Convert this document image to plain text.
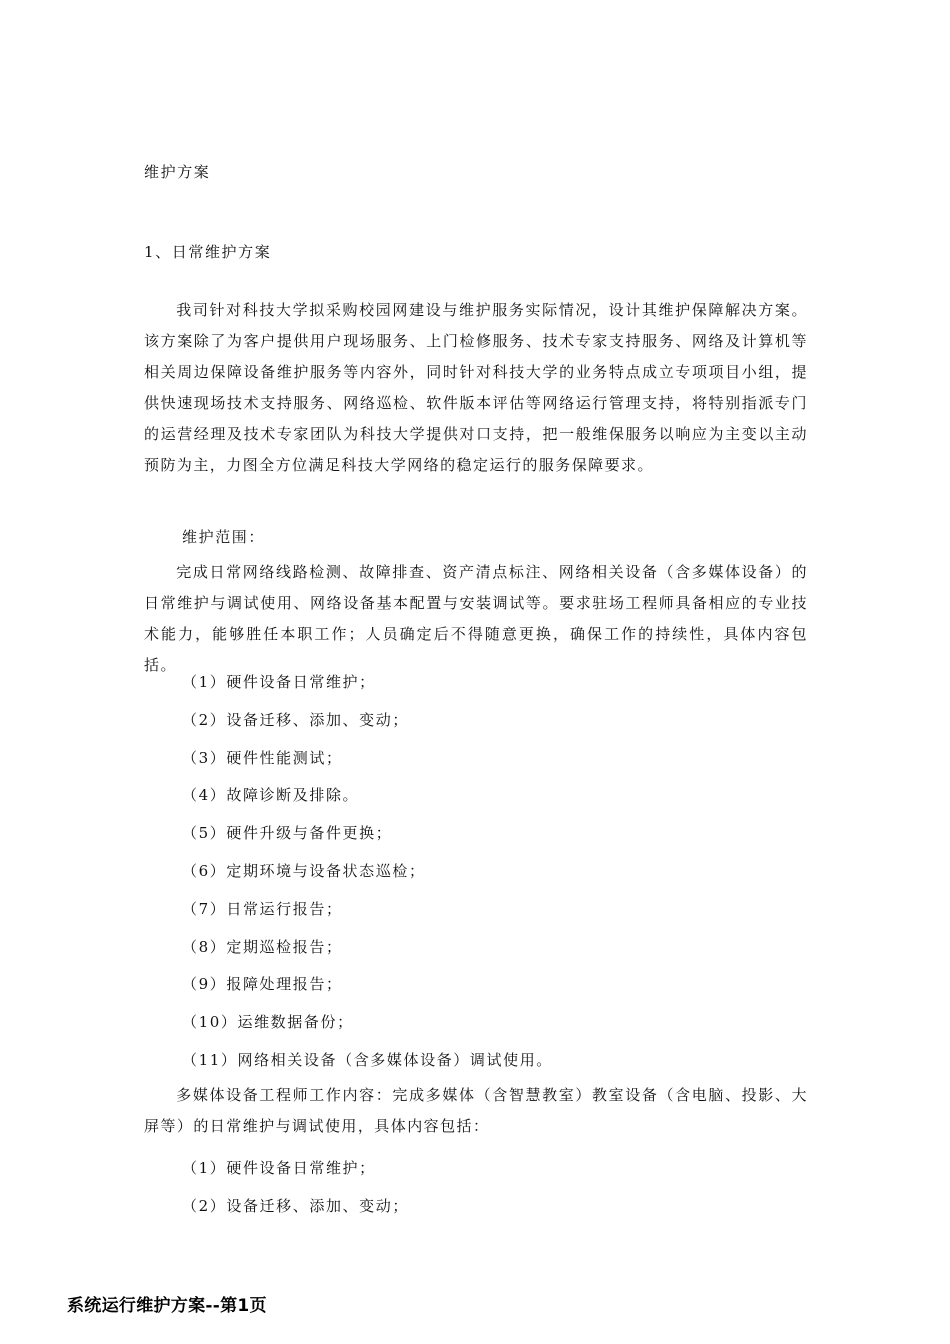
维护方案
1、日常维护方案

我司针对科技大学拟采购校园网建设与维护服务实际情况，设计其维护保障解决方案。该方案除了为客户提供用户现场服务、上门检修服务、技术专家支持服务、网络及计算机等相关周边保障设备维护服务等内容外，同时针对科技大学的业务特点成立专项项目小组，提供快速现场技术支持服务、网络巡检、软件版本评估等网络运行管理支持，将特别指派专门的运营经理及技术专家团队为科技大学提供对口支持，把一般维保服务以响应为主变以主动预防为主，力图全方位满足科技大学网络的稳定运行的服务保障要求。

维护范围：

完成日常网络线路检测、故障排查、资产清点标注、网络相关设备（含多媒体设备）的日常维护与调试使用、网络设备基本配置与安装调试等。要求驻场工程师具备相应的专业技术能力，能够胜任本职工作；人员确定后不得随意更换，确保工作的持续性，具体内容包括。

（1）硬件设备日常维护；
（2）设备迁移、添加、变动；
（3）硬件性能测试；
（4）故障诊断及排除。
（5）硬件升级与备件更换；
（6）定期环境与设备状态巡检；
（7）日常运行报告；
（8）定期巡检报告；
（9）报障处理报告；
（10）运维数据备份；
（11）网络相关设备（含多媒体设备）调试使用。

多媒体设备工程师工作内容：完成多媒体（含智慧教室）教室设备（含电脑、投影、大屏等）的日常维护与调试使用，具体内容包括：

（1）硬件设备日常维护；
（2）设备迁移、添加、变动；
系统运行维护方案--第1页
